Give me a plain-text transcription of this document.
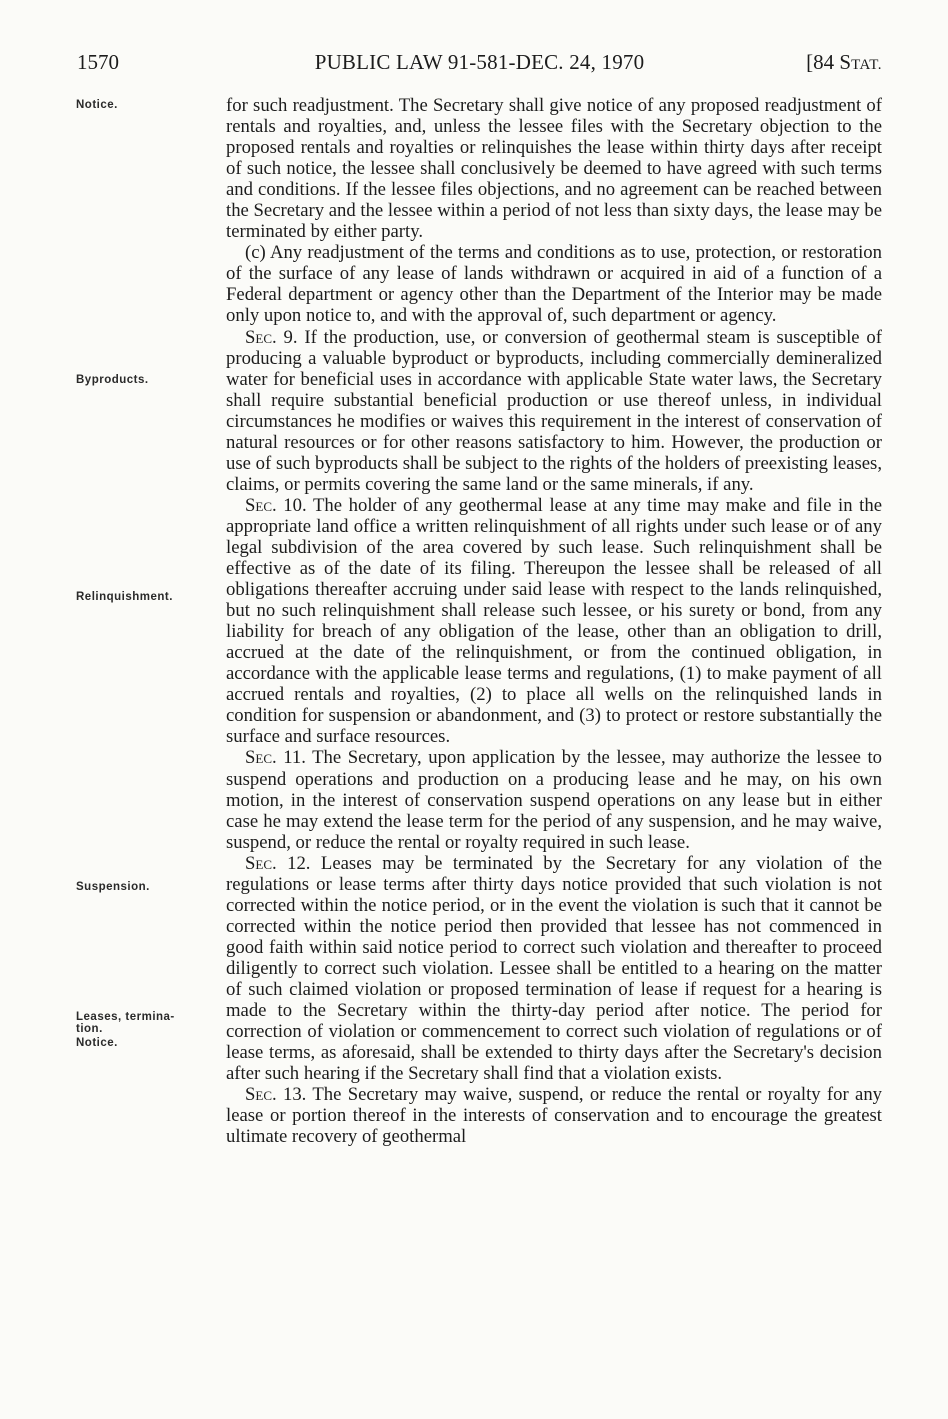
1570	PUBLIC LAW 91-581-DEC. 24, 1970	[84 STAT.
Notice.
Byproducts.
Relinquishment.
Suspension.
Leases, termina-
tion.
Notice.

for such readjustment. The Secretary shall give notice of any proposed readjustment of rentals and royalties, and, unless the lessee files with the Secretary objection to the proposed rentals and royalties or relinquishes the lease within thirty days after receipt of such notice, the lessee shall conclusively be deemed to have agreed with such terms and conditions. If the lessee files objections, and no agreement can be reached between the Secretary and the lessee within a period of not less than sixty days, the lease may be terminated by either party.

(c) Any readjustment of the terms and conditions as to use, protection, or restoration of the surface of any lease of lands withdrawn or acquired in aid of a function of a Federal department or agency other than the Department of the Interior may be made only upon notice to, and with the approval of, such department or agency.

Sec. 9. If the production, use, or conversion of geothermal steam is susceptible of producing a valuable byproduct or byproducts, including commercially demineralized water for beneficial uses in accordance with applicable State water laws, the Secretary shall require substantial beneficial production or use thereof unless, in individual circumstances he modifies or waives this requirement in the interest of conservation of natural resources or for other reasons satisfactory to him. However, the production or use of such byproducts shall be subject to the rights of the holders of preexisting leases, claims, or permits covering the same land or the same minerals, if any.

Sec. 10. The holder of any geothermal lease at any time may make and file in the appropriate land office a written relinquishment of all rights under such lease or of any legal subdivision of the area covered by such lease. Such relinquishment shall be effective as of the date of its filing. Thereupon the lessee shall be released of all obligations thereafter accruing under said lease with respect to the lands relinquished, but no such relinquishment shall release such lessee, or his surety or bond, from any liability for breach of any obligation of the lease, other than an obligation to drill, accrued at the date of the relinquishment, or from the continued obligation, in accordance with the applicable lease terms and regulations, (1) to make payment of all accrued rentals and royalties, (2) to place all wells on the relinquished lands in condition for suspension or abandonment, and (3) to protect or restore substantially the surface and surface resources.

Sec. 11. The Secretary, upon application by the lessee, may authorize the lessee to suspend operations and production on a producing lease and he may, on his own motion, in the interest of conservation suspend operations on any lease but in either case he may extend the lease term for the period of any suspension, and he may waive, suspend, or reduce the rental or royalty required in such lease.

Sec. 12. Leases may be terminated by the Secretary for any violation of the regulations or lease terms after thirty days notice provided that such violation is not corrected within the notice period, or in the event the violation is such that it cannot be corrected within the notice period then provided that lessee has not commenced in good faith within said notice period to correct such violation and thereafter to proceed diligently to correct such violation. Lessee shall be entitled to a hearing on the matter of such claimed violation or proposed termination of lease if request for a hearing is made to the Secretary within the thirty-day period after notice. The period for correction of violation or commencement to correct such violation of regulations or of lease terms, as aforesaid, shall be extended to thirty days after the Secretary's decision after such hearing if the Secretary shall find that a violation exists.

Sec. 13. The Secretary may waive, suspend, or reduce the rental or royalty for any lease or portion thereof in the interests of conservation and to encourage the greatest ultimate recovery of geothermal
